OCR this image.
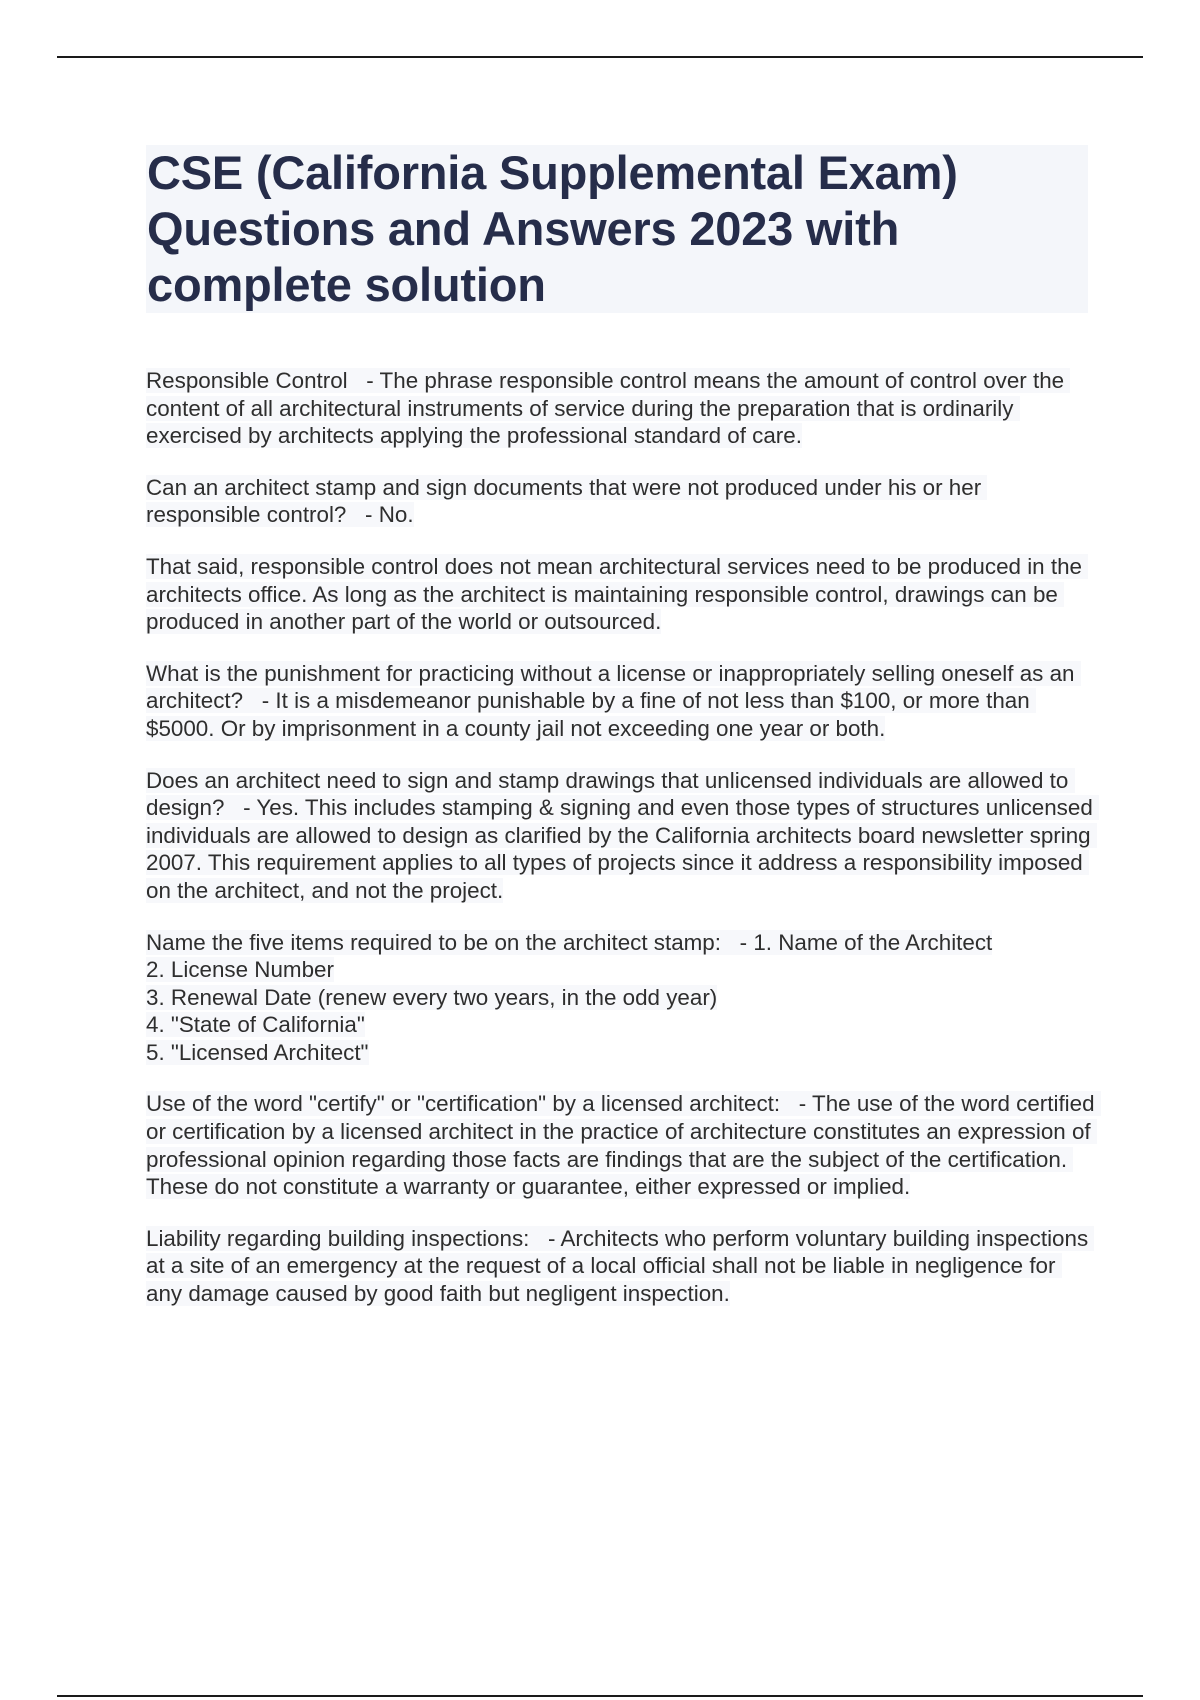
CSE (California Supplemental Exam) Questions and Answers 2023 with complete solution

Responsible Control   - The phrase responsible control means the amount of control over the content of all architectural instruments of service during the preparation that is ordinarily exercised by architects applying the professional standard of care.

Can an architect stamp and sign documents that were not produced under his or her responsible control?   - No.

That said, responsible control does not mean architectural services need to be produced in the architects office. As long as the architect is maintaining responsible control, drawings can be produced in another part of the world or outsourced.

What is the punishment for practicing without a license or inappropriately selling oneself as an architect?   - It is a misdemeanor punishable by a fine of not less than $100, or more than $5000. Or by imprisonment in a county jail not exceeding one year or both.

Does an architect need to sign and stamp drawings that unlicensed individuals are allowed to design?   - Yes. This includes stamping & signing and even those types of structures unlicensed individuals are allowed to design as clarified by the California architects board newsletter spring 2007. This requirement applies to all types of projects since it address a responsibility imposed on the architect, and not the project.

Name the five items required to be on the architect stamp:   - 1. Name of the Architect
2. License Number
3. Renewal Date (renew every two years, in the odd year)
4. "State of California"
5. "Licensed Architect"

Use of the word "certify" or "certification" by a licensed architect:   - The use of the word certified or certification by a licensed architect in the practice of architecture constitutes an expression of professional opinion regarding those facts are findings that are the subject of the certification. These do not constitute a warranty or guarantee, either expressed or implied.

Liability regarding building inspections:   - Architects who perform voluntary building inspections at a site of an emergency at the request of a local official shall not be liable in negligence for any damage caused by good faith but negligent inspection.
